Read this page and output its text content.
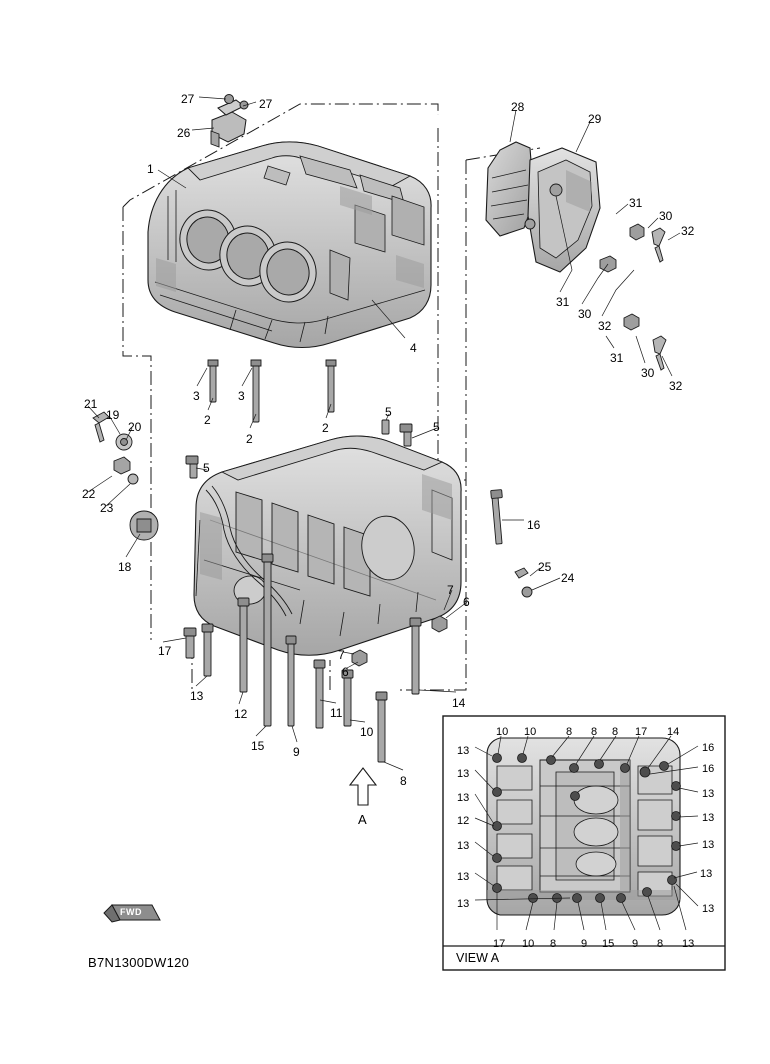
27	27
26
28
29
1
31
30
32
31
30
32
4
31
30
32
3	3
2
2
2
21
19
20
5
5
22
23
5
16
18	25
24
7
6
17	7
6
13
12
14
11
10
15 9
8
10 10	8 8 8 17 14
13	16
13	16
13	13
12	13
13	13
13	13
13	13
17 10 8 9 15 9 8 13
B7N1300DW120	VIEW A
A
FWD
